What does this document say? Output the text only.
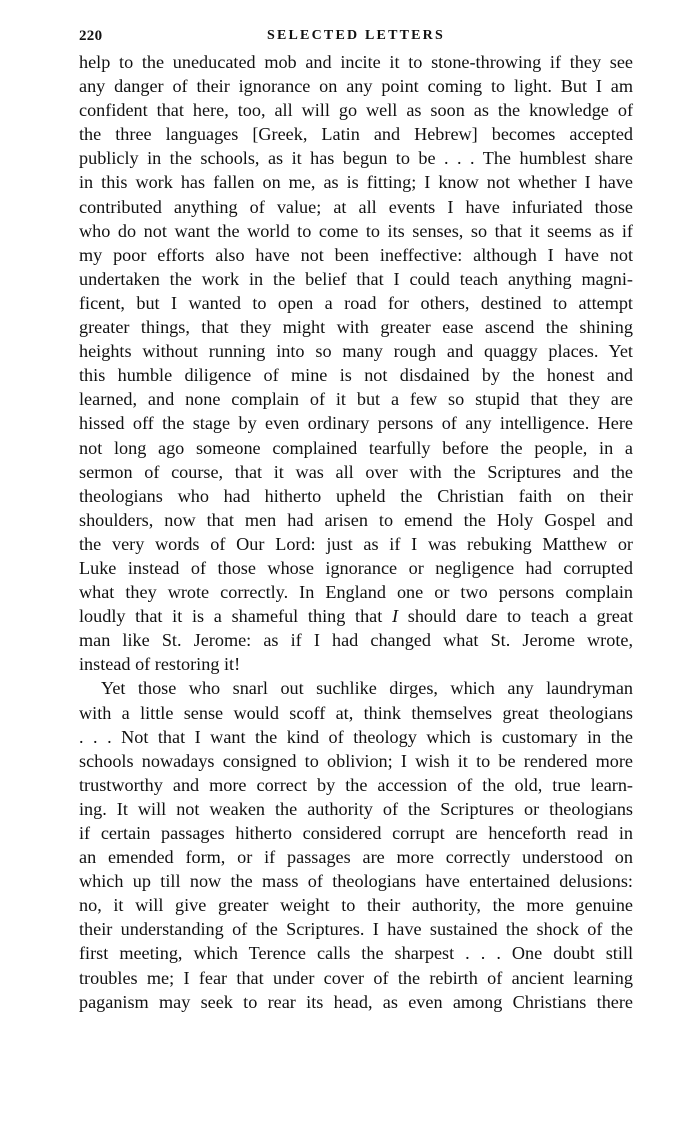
220	SELECTED LETTERS

help to the uneducated mob and incite it to stone-throwing if they see
any danger of their ignorance on any point coming to light. But I am
confident that here, too, all will go well as soon as the knowledge of
the three languages [Greek, Latin and Hebrew] becomes accepted
publicly in the schools, as it has begun to be . . . The humblest share
in this work has fallen on me, as is fitting; I know not whether I have
contributed anything of value; at all events I have infuriated those
who do not want the world to come to its senses, so that it seems as if
my poor efforts also have not been ineffective: although I have not
undertaken the work in the belief that I could teach anything magni-
ficent, but I wanted to open a road for others, destined to attempt
greater things, that they might with greater ease ascend the shining
heights without running into so many rough and quaggy places. Yet
this humble diligence of mine is not disdained by the honest and
learned, and none complain of it but a few so stupid that they are
hissed off the stage by even ordinary persons of any intelligence. Here
not long ago someone complained tearfully before the people, in a
sermon of course, that it was all over with the Scriptures and the
theologians who had hitherto upheld the Christian faith on their
shoulders, now that men had arisen to emend the Holy Gospel and
the very words of Our Lord: just as if I was rebuking Matthew or
Luke instead of those whose ignorance or negligence had corrupted
what they wrote correctly. In England one or two persons complain
loudly that it is a shameful thing that I should dare to teach a great
man like St. Jerome: as if I had changed what St. Jerome wrote,
instead of restoring it!

Yet those who snarl out suchlike dirges, which any laundryman
with a little sense would scoff at, think themselves great theologians
. . . Not that I want the kind of theology which is customary in the
schools nowadays consigned to oblivion; I wish it to be rendered more
trustworthy and more correct by the accession of the old, true learn-
ing. It will not weaken the authority of the Scriptures or theologians
if certain passages hitherto considered corrupt are henceforth read in
an emended form, or if passages are more correctly understood on
which up till now the mass of theologians have entertained delusions:
no, it will give greater weight to their authority, the more genuine
their understanding of the Scriptures. I have sustained the shock of the
first meeting, which Terence calls the sharpest . . . One doubt still
troubles me; I fear that under cover of the rebirth of ancient learning
paganism may seek to rear its head, as even among Christians there
